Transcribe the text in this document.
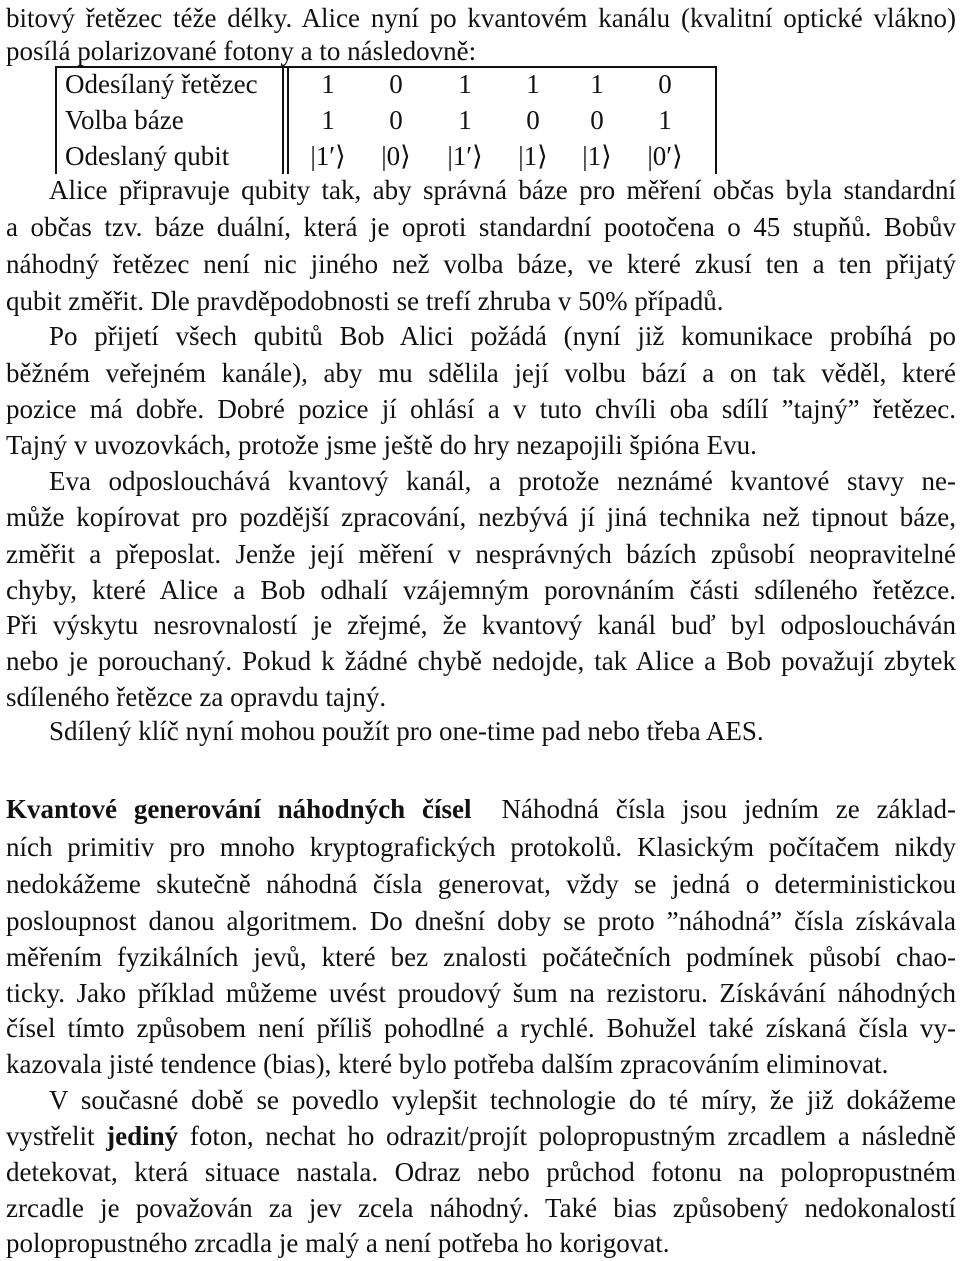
bitový řetězec téže délky. Alice nyní po kvantovém kanálu (kvalitní optické vlákno)
posílá polarizované fotony a to následovně:
Odesílaný řetězec	1	0	1	1	1	0
Volba báze	1	0	1	0	0	1
Odeslaný qubit	|1′⟩	|0⟩	|1′⟩	|1⟩	|1⟩	|0′⟩
Alice připravuje qubity tak, aby správná báze pro měření občas byla standardní
a občas tzv. báze duální, která je oproti standardní pootočena o 45 stupňů. Bobův
náhodný řetězec není nic jiného než volba báze, ve které zkusí ten a ten přijatý
qubit změřit. Dle pravděpodobnosti se trefí zhruba v 50% případů.
Po přijetí všech qubitů Bob Alici požádá (nyní již komunikace probíhá po
běžném veřejném kanále), aby mu sdělila její volbu bází a on tak věděl, které
pozice má dobře. Dobré pozice jí ohlásí a v tuto chvíli oba sdílí ”tajný” řetězec.
Tajný v uvozovkách, protože jsme ještě do hry nezapojili špióna Evu.
Eva odposlouchává kvantový kanál, a protože neznámé kvantové stavy ne-
může kopírovat pro pozdější zpracování, nezbývá jí jiná technika než tipnout báze,
změřit a přeposlat. Jenže její měření v nesprávných bázích způsobí neopravitelné
chyby, které Alice a Bob odhalí vzájemným porovnáním části sdíleného řetězce.
Při výskytu nesrovnalostí je zřejmé, že kvantový kanál buď byl odposloucháván
nebo je porouchaný. Pokud k žádné chybě nedojde, tak Alice a Bob považují zbytek
sdíleného řetězce za opravdu tajný.
Sdílený klíč nyní mohou použít pro one-time pad nebo třeba AES.
Kvantové generování náhodných čísel Náhodná čísla jsou jedním ze základ-
ních primitiv pro mnoho kryptografických protokolů. Klasickým počítačem nikdy
nedokážeme skutečně náhodná čísla generovat, vždy se jedná o deterministickou
posloupnost danou algoritmem. Do dnešní doby se proto ”náhodná” čísla získávala
měřením fyzikálních jevů, které bez znalosti počátečních podmínek působí chao-
ticky. Jako příklad můžeme uvést proudový šum na rezistoru. Získávání náhodných
čísel tímto způsobem není příliš pohodlné a rychlé. Bohužel také získaná čísla vy-
kazovala jisté tendence (bias), které bylo potřeba dalším zpracováním eliminovat.
V současné době se povedlo vylepšit technologie do té míry, že již dokážeme
vystřelit jediný foton, nechat ho odrazit/projít polopropustným zrcadlem a následně
detekovat, která situace nastala. Odraz nebo průchod fotonu na polopropustném
zrcadle je považován za jev zcela náhodný. Také bias způsobený nedokonalostí
polopropustného zrcadla je malý a není potřeba ho korigovat.
